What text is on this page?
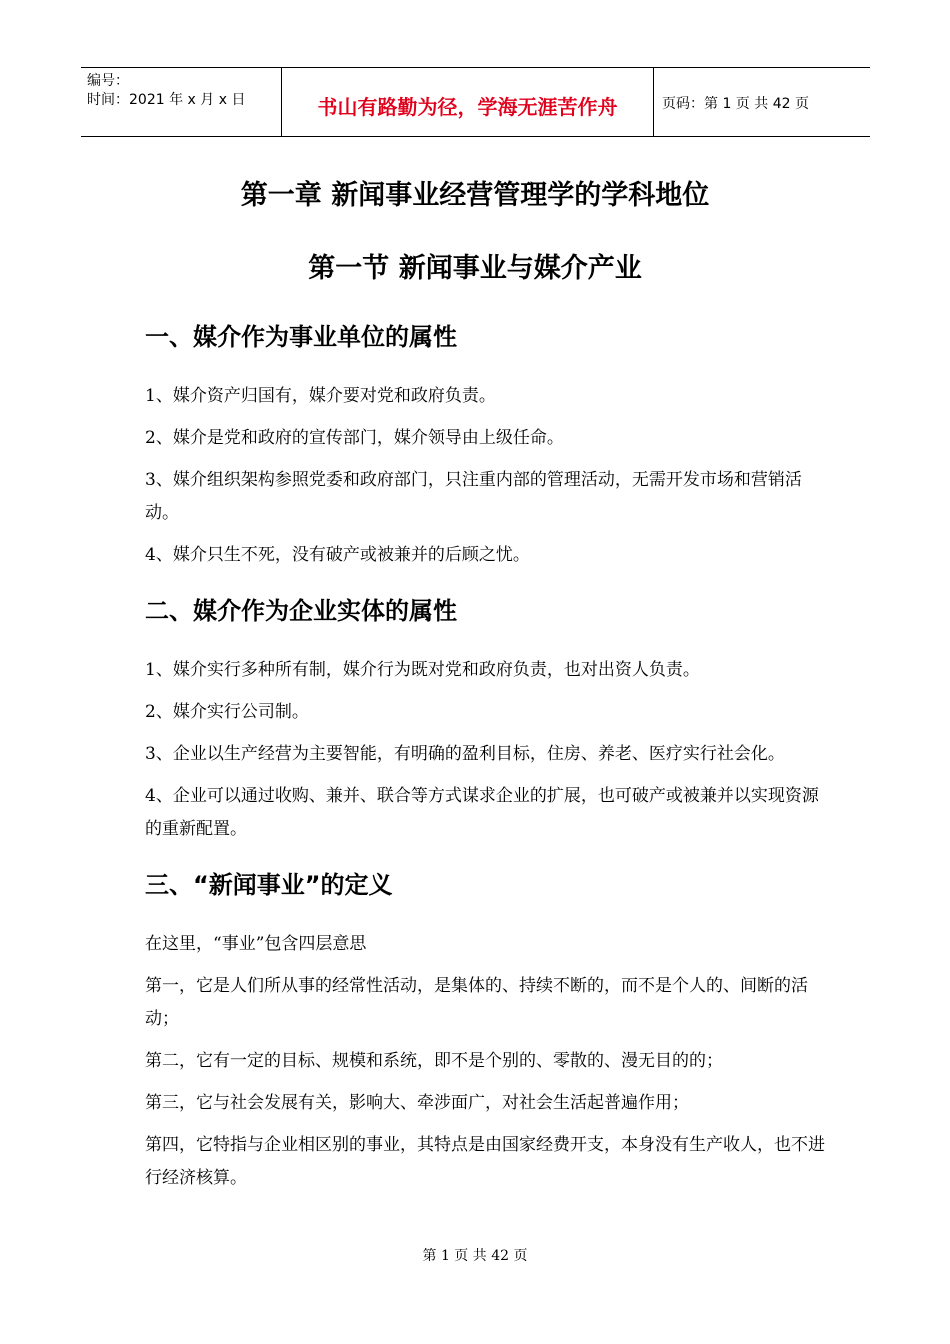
编号：
时间：2021 年 x 月 x 日	书山有路勤为径，学海无涯苦作舟	页码：第 1 页 共 42 页
第一章 新闻事业经营管理学的学科地位
第一节 新闻事业与媒介产业
一、媒介作为事业单位的属性

1、媒介资产归国有，媒介要对党和政府负责。

2、媒介是党和政府的宣传部门，媒介领导由上级任命。

3、媒介组织架构参照党委和政府部门，只注重内部的管理活动，无需开发市场和营销活动。

4、媒介只生不死，没有破产或被兼并的后顾之忧。

二、媒介作为企业实体的属性

1、媒介实行多种所有制，媒介行为既对党和政府负责，也对出资人负责。

2、媒介实行公司制。

3、企业以生产经营为主要智能，有明确的盈利目标，住房、养老、医疗实行社会化。

4、企业可以通过收购、兼并、联合等方式谋求企业的扩展，也可破产或被兼并以实现资源的重新配置。

三、“新闻事业”的定义

在这里，“事业”包含四层意思

第一，它是人们所从事的经常性活动，是集体的、持续不断的，而不是个人的、间断的活动；

第二，它有一定的目标、规模和系统，即不是个别的、零散的、漫无目的的；

第三，它与社会发展有关，影响大、牵涉面广，对社会生活起普遍作用；

第四，它特指与企业相区别的事业，其特点是由国家经费开支，本身没有生产收人，也不进行经济核算。

第 1 页 共 42 页
